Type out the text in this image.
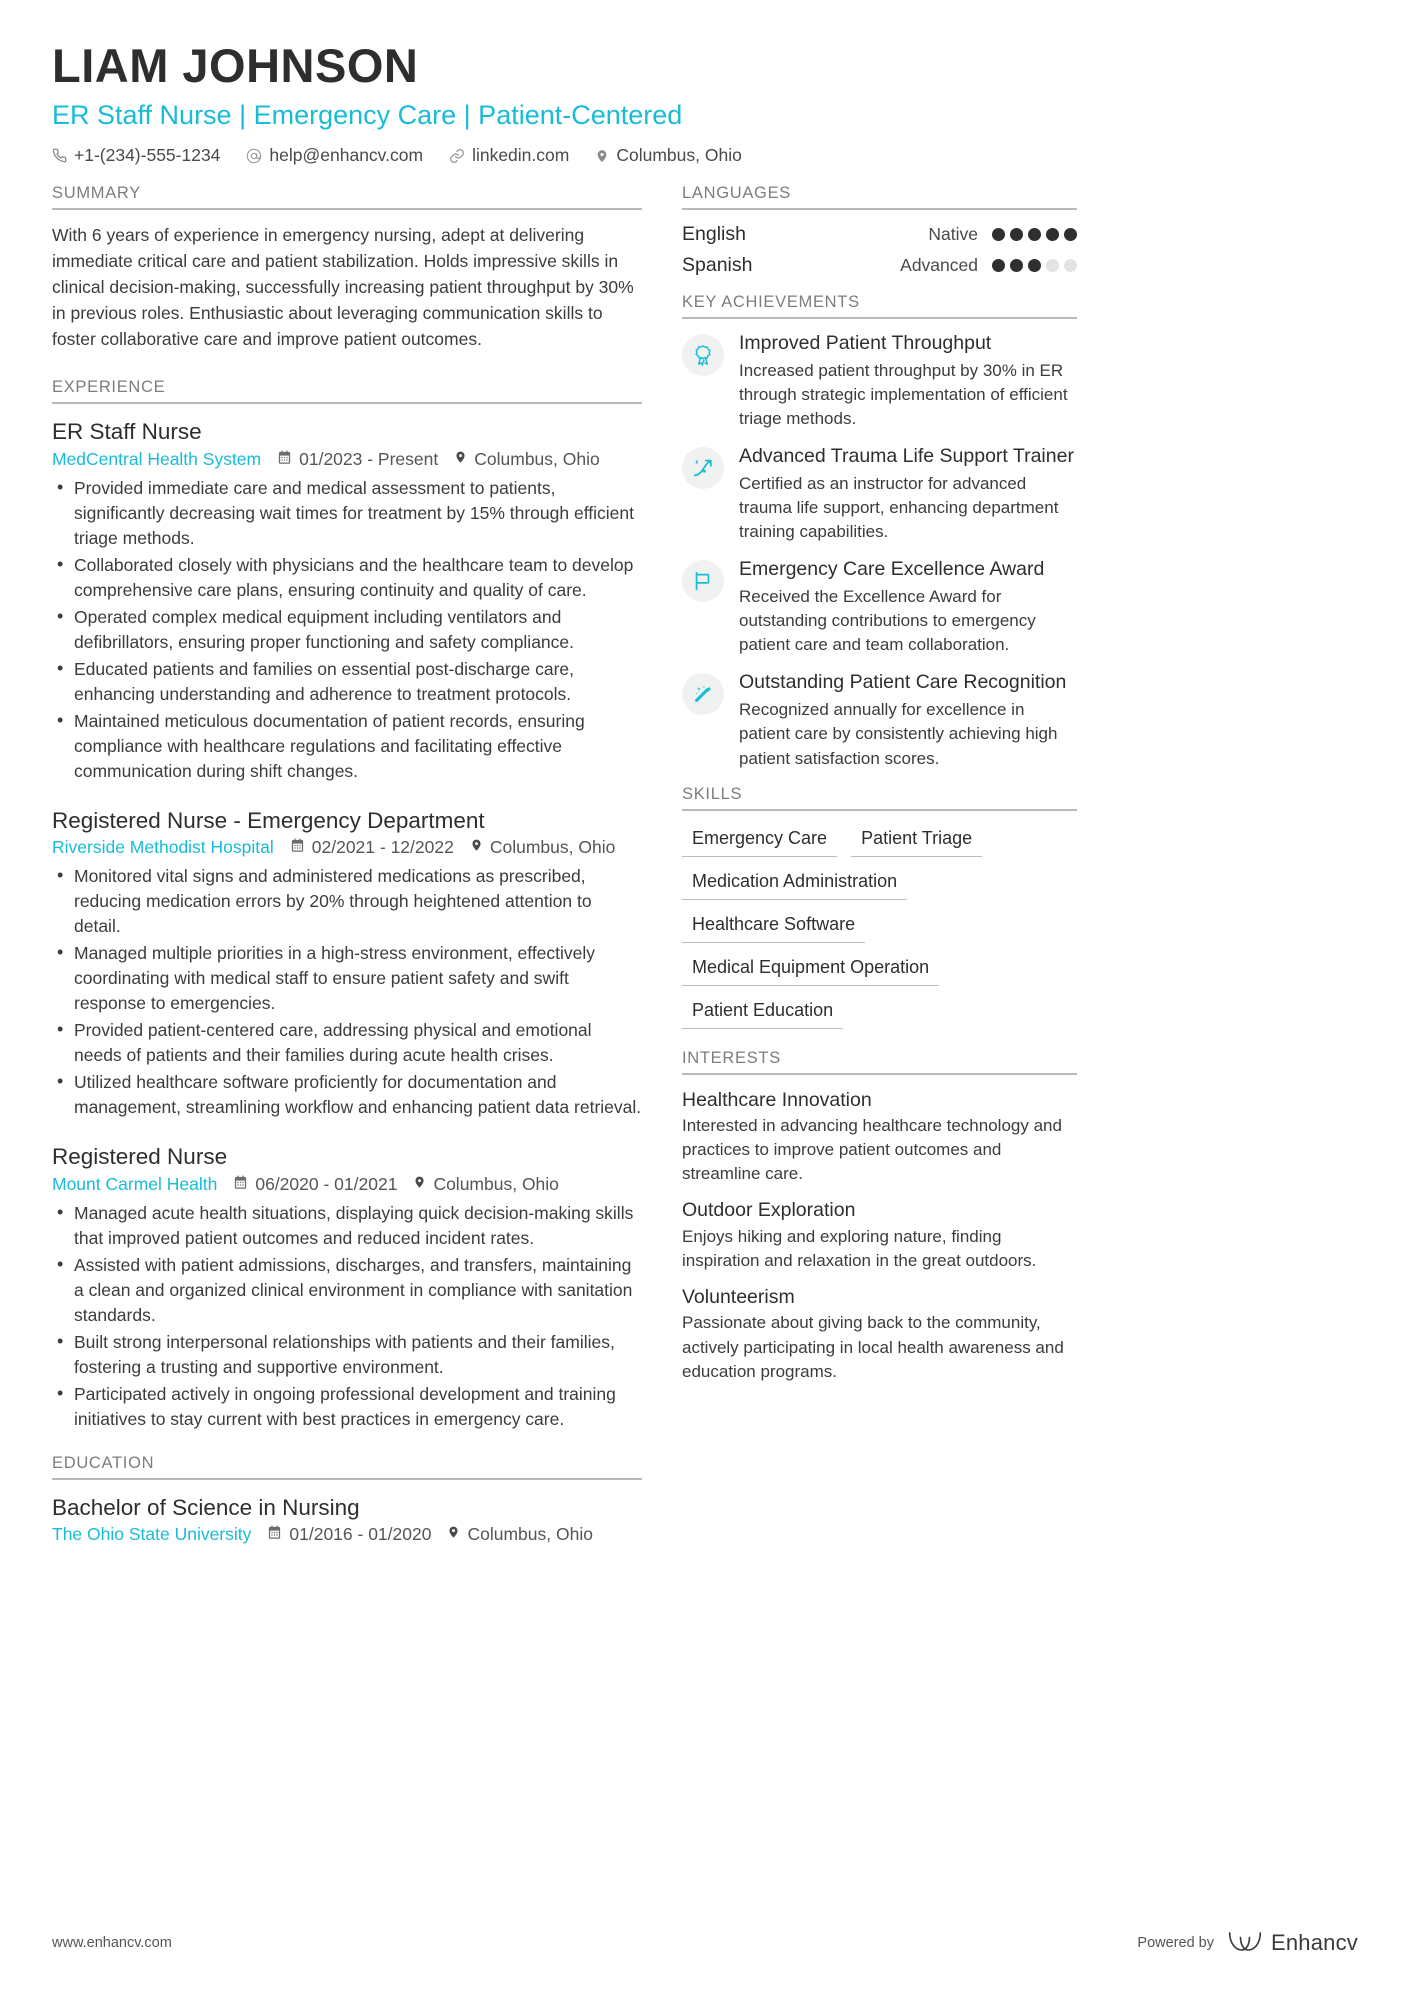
LIAM JOHNSON
ER Staff Nurse | Emergency Care | Patient-Centered
+1-(234)-555-1234	help@enhancv.com	linkedin.com	Columbus, Ohio
SUMMARY
With 6 years of experience in emergency nursing, adept at delivering immediate critical care and patient stabilization. Holds impressive skills in clinical decision-making, successfully increasing patient throughput by 30% in previous roles. Enthusiastic about leveraging communication skills to foster collaborative care and improve patient outcomes.
EXPERIENCE
ER Staff Nurse
MedCentral Health System 01/2023 - Present Columbus, Ohio
• Provided immediate care and medical assessment to patients, significantly decreasing wait times for treatment by 15% through efficient triage methods.
• Collaborated closely with physicians and the healthcare team to develop comprehensive care plans, ensuring continuity and quality of care.
• Operated complex medical equipment including ventilators and defibrillators, ensuring proper functioning and safety compliance.
• Educated patients and families on essential post-discharge care, enhancing understanding and adherence to treatment protocols.
• Maintained meticulous documentation of patient records, ensuring compliance with healthcare regulations and facilitating effective communication during shift changes.
Registered Nurse - Emergency Department
Riverside Methodist Hospital 02/2021 - 12/2022 Columbus, Ohio
• Monitored vital signs and administered medications as prescribed, reducing medication errors by 20% through heightened attention to detail.
• Managed multiple priorities in a high-stress environment, effectively coordinating with medical staff to ensure patient safety and swift response to emergencies.
• Provided patient-centered care, addressing physical and emotional needs of patients and their families during acute health crises.
• Utilized healthcare software proficiently for documentation and management, streamlining workflow and enhancing patient data retrieval.
Registered Nurse
Mount Carmel Health 06/2020 - 01/2021 Columbus, Ohio
• Managed acute health situations, displaying quick decision-making skills that improved patient outcomes and reduced incident rates.
• Assisted with patient admissions, discharges, and transfers, maintaining a clean and organized clinical environment in compliance with sanitation standards.
• Built strong interpersonal relationships with patients and their families, fostering a trusting and supportive environment.
• Participated actively in ongoing professional development and training initiatives to stay current with best practices in emergency care.
EDUCATION
Bachelor of Science in Nursing
The Ohio State University 01/2016 - 01/2020 Columbus, Ohio
LANGUAGES
English	Native
Spanish	Advanced
KEY ACHIEVEMENTS
Improved Patient Throughput
Increased patient throughput by 30% in ER through strategic implementation of efficient triage methods.
Advanced Trauma Life Support Trainer
Certified as an instructor for advanced trauma life support, enhancing department training capabilities.
Emergency Care Excellence Award
Received the Excellence Award for outstanding contributions to emergency patient care and team collaboration.
Outstanding Patient Care Recognition
Recognized annually for excellence in patient care by consistently achieving high patient satisfaction scores.
SKILLS
Emergency Care	Patient Triage
Medication Administration
Healthcare Software
Medical Equipment Operation
Patient Education
INTERESTS
Healthcare Innovation
Interested in advancing healthcare technology and practices to improve patient outcomes and streamline care.
Outdoor Exploration
Enjoys hiking and exploring nature, finding inspiration and relaxation in the great outdoors.
Volunteerism
Passionate about giving back to the community, actively participating in local health awareness and education programs.
www.enhancv.com	Powered by	Enhancv
